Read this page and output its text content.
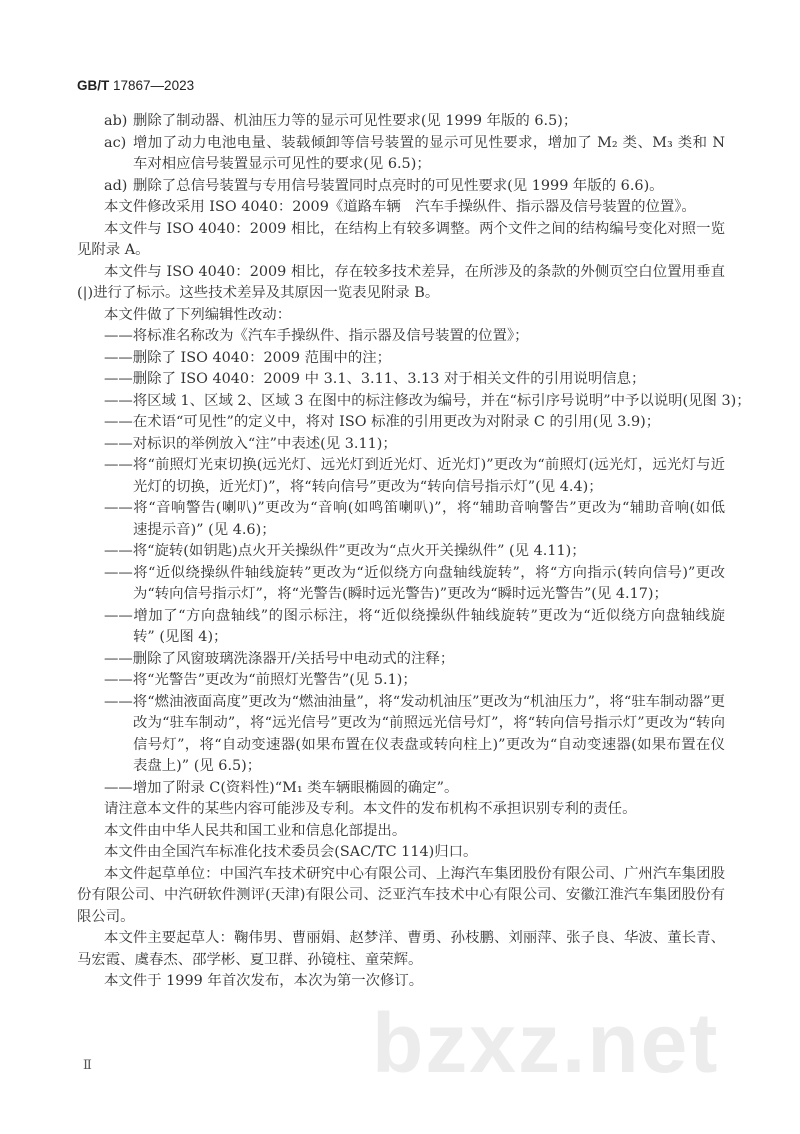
GB/T 17867—2023
ab) 删除了制动器、机油压力等的显示可见性要求(见 1999 年版的 6.5)；
ac) 增加了动力电池电量、装载倾卸等信号装置的显示可见性要求，增加了 M₂ 类、M₃ 类和 N
车对相应信号装置显示可见性的要求(见 6.5)；
ad) 删除了总信号装置与专用信号装置同时点亮时的可见性要求(见 1999 年版的 6.6)。
本文件修改采用 ISO 4040：2009《道路车辆　汽车手操纵件、指示器及信号装置的位置》。
本文件与 ISO 4040：2009 相比，在结构上有较多调整。两个文件之间的结构编号变化对照一览
见附录 A。
本文件与 ISO 4040：2009 相比，存在较多技术差异，在所涉及的条款的外侧页空白位置用垂直
(|)进行了标示。这些技术差异及其原因一览表见附录 B。
本文件做了下列编辑性改动：
——将标准名称改为《汽车手操纵件、指示器及信号装置的位置》；
——删除了 ISO 4040：2009 范围中的注；
——删除了 ISO 4040：2009 中 3.1、3.11、3.13 对于相关文件的引用说明信息；
——将区域 1、区域 2、区域 3 在图中的标注修改为编号，并在“标引序号说明”中予以说明(见图 3)；
——在术语“可见性”的定义中，将对 ISO 标准的引用更改为对附录 C 的引用(见 3.9)；
——对标识的举例放入“注”中表述(见 3.11)；
——将“前照灯光束切换(远光灯、远光灯到近光灯、近光灯)”更改为“前照灯(远光灯，远光灯与近
光灯的切换，近光灯)”，将“转向信号”更改为“转向信号指示灯”(见 4.4)；
——将“音响警告(喇叭)”更改为“音响(如鸣笛喇叭)”，将“辅助音响警告”更改为“辅助音响(如低
速提示音)” (见 4.6)；
——将“旋转(如钥匙)点火开关操纵件”更改为“点火开关操纵件” (见 4.11)；
——将“近似绕操纵件轴线旋转”更改为“近似绕方向盘轴线旋转”，将“方向指示(转向信号)”更改
为“转向信号指示灯”，将“光警告(瞬时远光警告)”更改为“瞬时远光警告”(见 4.17)；
——增加了“方向盘轴线”的图示标注，将“近似绕操纵件轴线旋转”更改为“近似绕方向盘轴线旋
转” (见图 4)；
——删除了风窗玻璃洗涤器开/关括号中电动式的注释；
——将“光警告”更改为“前照灯光警告”(见 5.1)；
——将“燃油液面高度”更改为“燃油油量”，将“发动机油压”更改为“机油压力”，将“驻车制动器”更
改为“驻车制动”，将“远光信号”更改为“前照远光信号灯”，将“转向信号指示灯”更改为“转向
信号灯”，将“自动变速器(如果布置在仪表盘或转向柱上)”更改为“自动变速器(如果布置在仪
表盘上)” (见 6.5)；
——增加了附录 C(资料性)“M₁ 类车辆眼椭圆的确定”。
请注意本文件的某些内容可能涉及专利。本文件的发布机构不承担识别专利的责任。
本文件由中华人民共和国工业和信息化部提出。
本文件由全国汽车标准化技术委员会(SAC/TC 114)归口。
本文件起草单位：中国汽车技术研究中心有限公司、上海汽车集团股份有限公司、广州汽车集团股
份有限公司、中汽研软件测评(天津)有限公司、泛亚汽车技术中心有限公司、安徽江淮汽车集团股份有
限公司。
本文件主要起草人：鞠伟男、曹丽娟、赵梦洋、曹勇、孙枝鹏、刘丽萍、张子良、华波、董长青、
马宏霞、虞春杰、邵学彬、夏卫群、孙镜柱、童荣辉。
本文件于 1999 年首次发布，本次为第一次修订。
bzxz.net
Ⅱ
